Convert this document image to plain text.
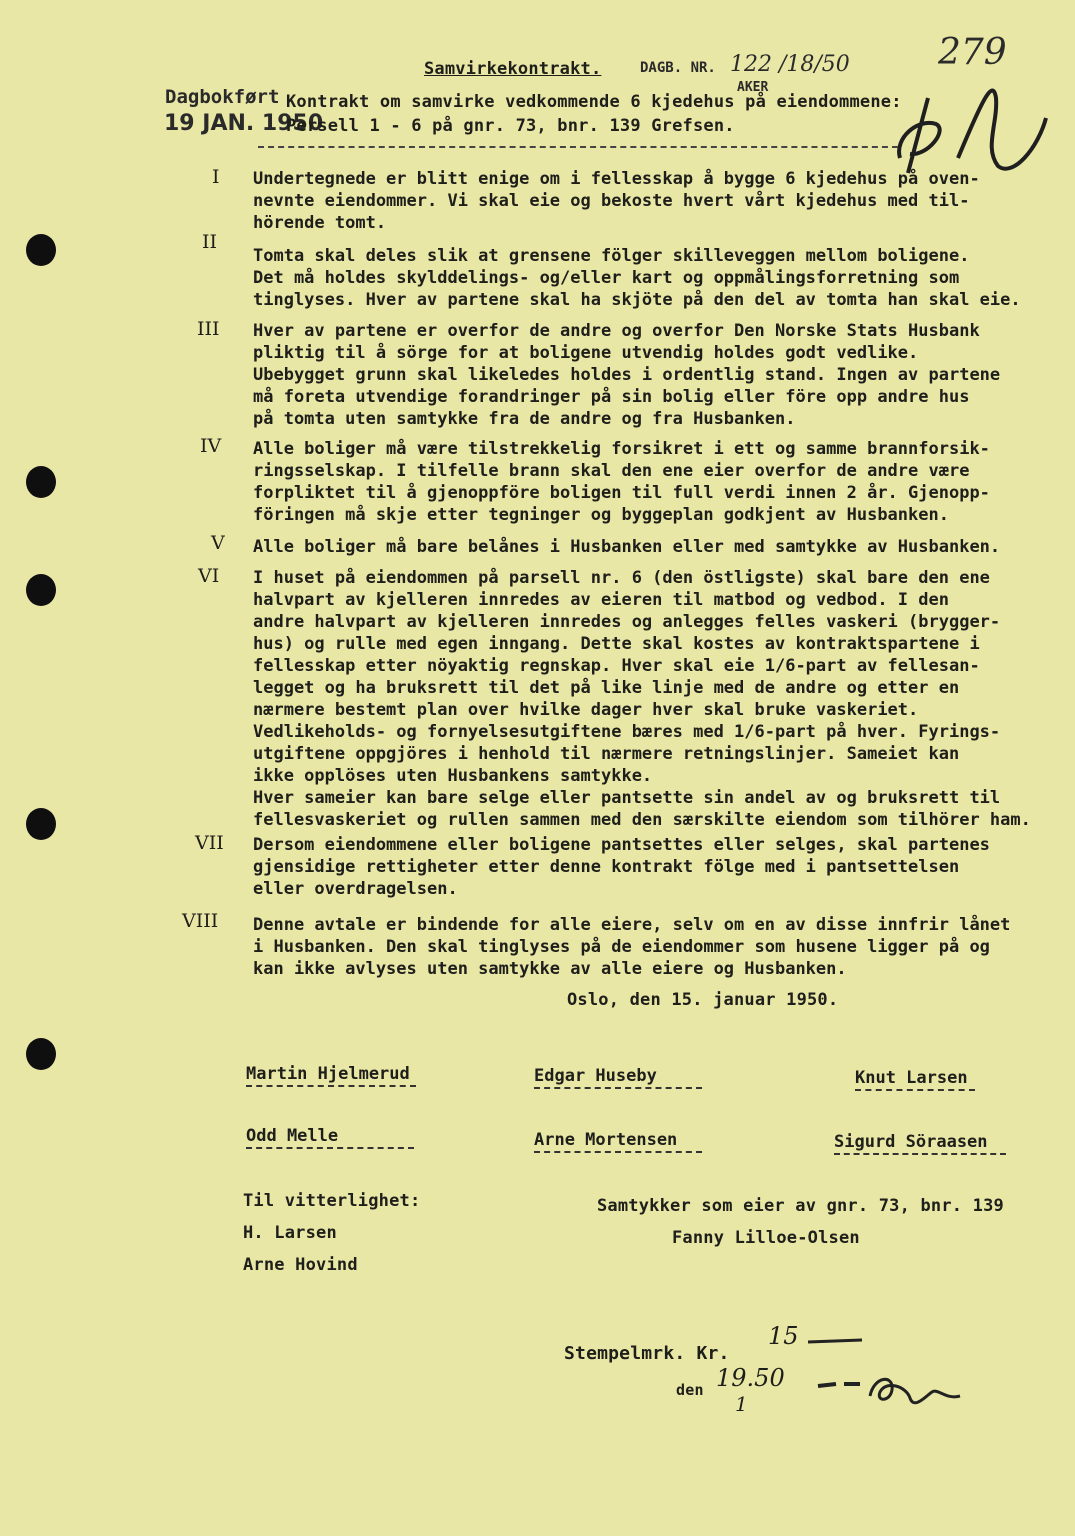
Samvirkekontrakt.	DAGB. NR. 122 /18/50
AKER
279
Dagbokført
19 JAN. 1950
Kontrakt om samvirke vedkommende 6 kjedehus på eiendommene:
Persell 1 - 6 på gnr. 73, bnr. 139 Grefsen.
I Undertegnede er blitt enige om i fellesskap å bygge 6 kjedehus på oven-
nevnte eiendommer. Vi skal eie og bekoste hvert vårt kjedehus med til-
hörende tomt.
II
Tomta skal deles slik at grensene fölger skilleveggen mellom boligene.
Det må holdes skylddelings- og/eller kart og oppmålingsforretning som
tinglyses. Hver av partene skal ha skjöte på den del av tomta han skal eie.
III Hver av partene er overfor de andre og overfor Den Norske Stats Husbank
pliktig til å sörge for at boligene utvendig holdes godt vedlike.
Ubebygget grunn skal likeledes holdes i ordentlig stand. Ingen av partene
må foreta utvendige forandringer på sin bolig eller före opp andre hus
på tomta uten samtykke fra de andre og fra Husbanken.
IV Alle boliger må være tilstrekkelig forsikret i ett og samme brannforsik-
ringsselskap. I tilfelle brann skal den ene eier overfor de andre være
forpliktet til å gjenoppföre boligen til full verdi innen 2 år. Gjenopp-
föringen må skje etter tegninger og byggeplan godkjent av Husbanken.
V Alle boliger må bare belånes i Husbanken eller med samtykke av Husbanken.
VI I huset på eiendommen på parsell nr. 6 (den östligste) skal bare den ene
halvpart av kjelleren innredes av eieren til matbod og vedbod. I den
andre halvpart av kjelleren innredes og anlegges felles vaskeri (brygger-
hus) og rulle med egen inngang. Dette skal kostes av kontraktspartene i
fellesskap etter nöyaktig regnskap. Hver skal eie 1/6-part av fellesan-
legget og ha bruksrett til det på like linje med de andre og etter en
nærmere bestemt plan over hvilke dager hver skal bruke vaskeriet.
Vedlikeholds- og fornyelsesutgiftene bæres med 1/6-part på hver. Fyrings-
utgiftene oppgjöres i henhold til nærmere retningslinjer. Sameiet kan
ikke opplöses uten Husbankens samtykke.
Hver sameier kan bare selge eller pantsette sin andel av og bruksrett til
fellesvaskeriet og rullen sammen med den særskilte eiendom som tilhörer ham.
VII Dersom eiendommene eller boligene pantsettes eller selges, skal partenes
gjensidige rettigheter etter denne kontrakt fölge med i pantsettelsen
eller overdragelsen.
VIII Denne avtale er bindende for alle eiere, selv om en av disse innfrir lånet
i Husbanken. Den skal tinglyses på de eiendommer som husene ligger på og
kan ikke avlyses uten samtykke av alle eiere og Husbanken.
Oslo, den 15. januar 1950.
Martin Hjelmerud	Edgar Huseby	Knut Larsen
Odd Melle	Arne Mortensen	Sigurd Söraasen
Til vitterlighet:
H. Larsen
Arne Hovind
Samtykker som eier av gnr. 73, bnr. 139
Fanny Lilloe-Olsen
Stempelmrk. Kr.
15
den 19.50
1
